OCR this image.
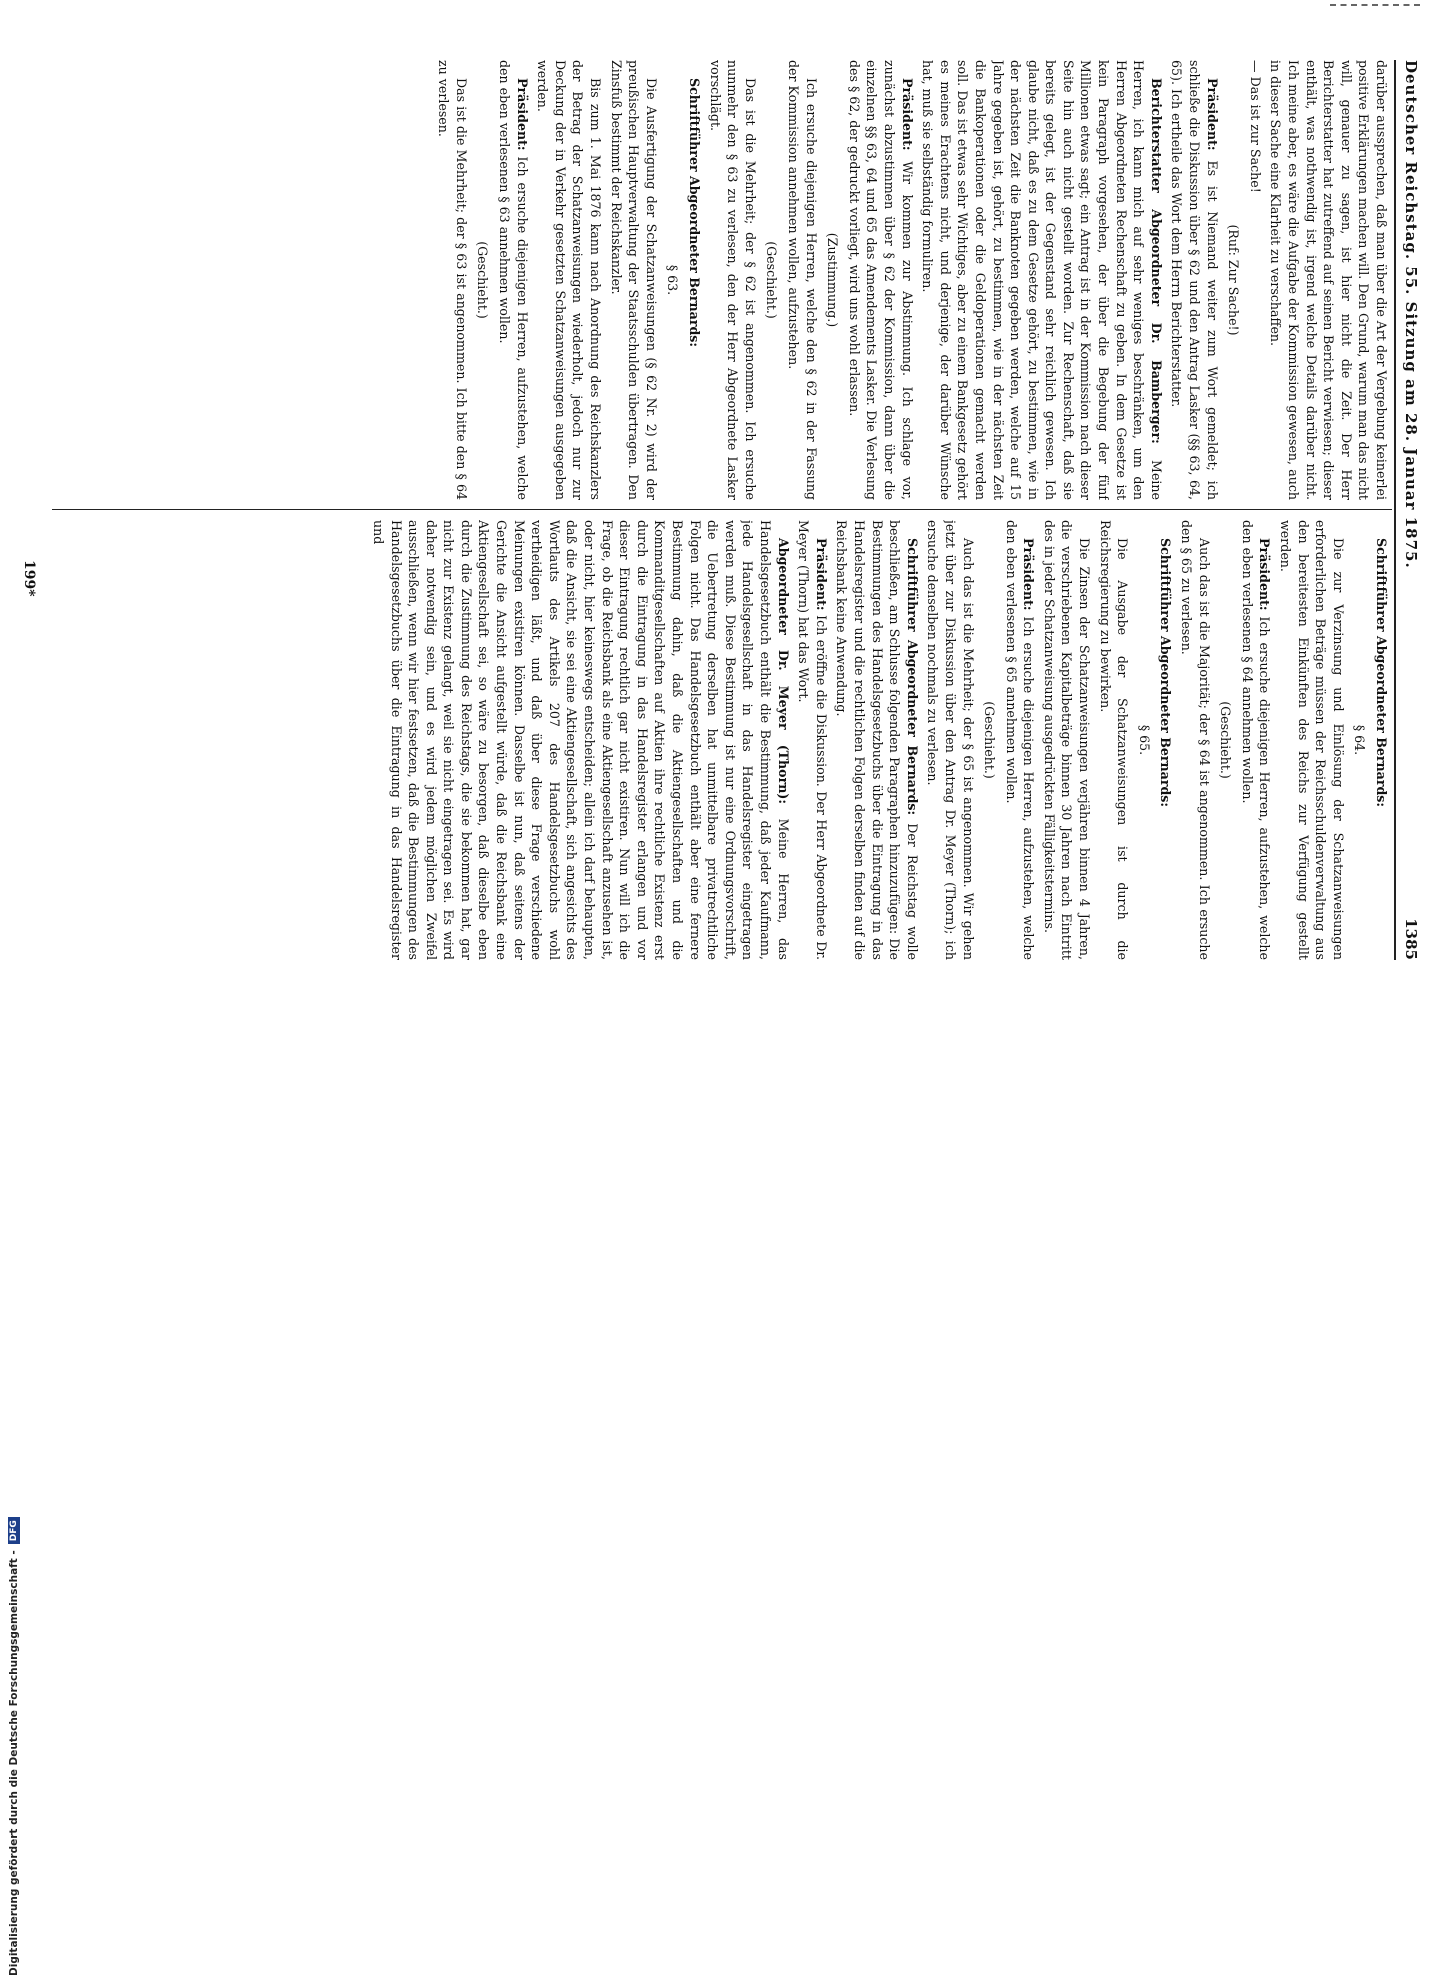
Deutscher Reichstag. 55. Sitzung am 28. Januar 1875.
1385

darüber aussprechen, daß man über die Art der Vergebung keinerlei positive Erklärungen machen will. Den Grund, warum man das nicht will, genauer zu sagen, ist hier nicht die Zeit. Der Herr Berichterstatter hat zutreffend auf seinen Bericht verwiesen; dieser enthält, was nothwendig ist, irgend welche Details darüber nicht. Ich meine aber, es wäre die Aufgabe der Kommission gewesen, auch in dieser Sache eine Klarheit zu verschaffen.

— Das ist zur Sache!

(Ruf: Zur Sache!)

Präsident: Es ist Niemand weiter zum Wort gemeldet; ich schließe die Diskussion über § 62 und den Antrag Lasker (§§ 63, 64, 65). Ich ertheile das Wort dem Herrn Berichterstatter.

Berichterstatter Abgeordneter Dr. Bamberger: Meine Herren, ich kann mich auf sehr weniges beschränken, um den Herren Abgeordneten Rechenschaft zu geben. In dem Gesetze ist kein Paragraph vorgesehen, der über die Begebung der fünf Millionen etwas sagt; ein Antrag ist in der Kommission nach dieser Seite hin auch nicht gestellt worden. Zur Rechenschaft, daß sie bereits gelegt, ist der Gegenstand sehr reichlich gewesen. Ich glaube nicht, daß es zu dem Gesetze gehört, zu bestimmen, wie in der nächsten Zeit die Banknoten gegeben werden, welche auf 15 Jahre gegeben ist, gehört, zu bestimmen, wie in der nächsten Zeit die Bankoperationen oder die Geldoperationen gemacht werden soll. Das ist etwas sehr Wichtiges, aber zu einem Bankgesetz gehört es meines Erachtens nicht, und derjenige, der darüber Wünsche hat, muß sie selbständig formuliren.

Präsident: Wir kommen zur Abstimmung. Ich schlage vor, zunächst abzustimmen über § 62 der Kommission, dann über die einzelnen §§ 63, 64 und 65 das Amendements Lasker. Die Verlesung des § 62, der gedruckt vorliegt, wird uns wohl erlassen.

(Zustimmung.)

Ich ersuche diejenigen Herren, welche den § 62 in der Fassung der Kommission annehmen wollen, aufzustehen.

(Geschieht.)

Das ist die Mehrheit; der § 62 ist angenommen. Ich ersuche nunmehr den § 63 zu verlesen, den der Herr Abgeordnete Lasker vorschlägt.

Schriftführer Abgeordneter Bernards:

§ 63.

Die Ausfertigung der Schatzanweisungen (§ 62 Nr. 2) wird der preußischen Hauptverwaltung der Staatsschulden übertragen. Den Zinsfuß bestimmt der Reichskanzler.

Bis zum 1. Mai 1876 kann nach Anordnung des Reichskanzlers der Betrag der Schatzanweisungen wiederholt, jedoch nur zur Deckung der in Verkehr gesetzten Schatzanweisungen ausgegeben werden.

Präsident: Ich ersuche diejenigen Herren, aufzustehen, welche den eben verlesenen § 63 annehmen wollen.

(Geschieht.)

Das ist die Mehrheit; der § 63 ist angenommen. Ich bitte den § 64 zu verlesen.

Schriftführer Abgeordneter Bernards:

§ 64.

Die zur Verzinsung und Einlösung der Schatzanweisungen erforderlichen Beträge müssen der Reichsschuldenverwaltung aus den bereitesten Einkünften des Reichs zur Verfügung gestellt werden.

Präsident: Ich ersuche diejenigen Herren, aufzustehen, welche den eben verlesenen § 64 annehmen wollen.

(Geschieht.)

Auch das ist die Majorität; der § 64 ist angenommen. Ich ersuche den § 65 zu verlesen.

Schriftführer Abgeordneter Bernards:

§ 65.

Die Ausgabe der Schatzanweisungen ist durch die Reichsregierung zu bewirken.

Die Zinsen der Schatzanweisungen verjähren binnen 4 Jahren, die verschriebenen Kapitalbeträge binnen 30 Jahren nach Eintritt des in jeder Schatzanweisung ausgedrückten Fälligkeitstermins.

Präsident: Ich ersuche diejenigen Herren, aufzustehen, welche den eben verlesenen § 65 annehmen wollen.

(Geschieht.)

Auch das ist die Mehrheit; der § 65 ist angenommen. Wir gehen jetzt über zur Diskussion über den Antrag Dr. Meyer (Thorn); ich ersuche denselben nochmals zu verlesen.

Schriftführer Abgeordneter Bernards: Der Reichstag wolle beschließen, am Schlusse folgenden Paragraphen hinzuzufügen: Die Bestimmungen des Handelsgesetzbuchs über die Eintragung in das Handelsregister und die rechtlichen Folgen derselben finden auf die Reichsbank keine Anwendung.

Präsident: Ich eröffne die Diskussion. Der Herr Abgeordnete Dr. Meyer (Thorn) hat das Wort.

Abgeordneter Dr. Meyer (Thorn): Meine Herren, das Handelsgesetzbuch enthält die Bestimmung, daß jeder Kaufmann, jede Handelsgesellschaft in das Handelsregister eingetragen werden muß. Diese Bestimmung ist nur eine Ordnungsvorschrift, die Uebertretung derselben hat unmittelbare privatrechtliche Folgen nicht. Das Handelsgesetzbuch enthält aber eine fernere Bestimmung dahin, daß die Aktiengesellschaften und die Kommanditgesellschaften auf Aktien ihre rechtliche Existenz erst durch die Eintragung in das Handelsregister erlangen und vor dieser Eintragung rechtlich gar nicht existiren. Nun will ich die Frage, ob die Reichsbank als eine Aktiengesellschaft anzusehen ist, oder nicht, hier keineswegs entscheiden; allein ich darf behaupten, daß die Ansicht, sie sei eine Aktiengesellschaft, sich angesichts des Wortlauts des Artikels 207 des Handelsgesetzbuchs wohl vertheidigen läßt, und daß über diese Frage verschiedene Meinungen existiren können. Dasselbe ist nun, daß seitens der Gerichte die Ansicht aufgestellt würde, daß die Reichsbank eine Aktiengesellschaft sei, so wäre zu besorgen, daß dieselbe eben durch die Zustimmung des Reichstags, die sie bekommen hat, gar nicht zur Existenz gelangt, weil sie nicht eingetragen sei. Es wird daher notwendig sein, und es wird jedem möglichen Zweifel ausschließen, wenn wir hier festsetzen, daß die Bestimmungen des Handelsgesetzbuchs über die Eintragung in das Handelsregister und

199*
Digitalisierung gefördert durch die Deutsche Forschungsgemeinschaft -
DFG
